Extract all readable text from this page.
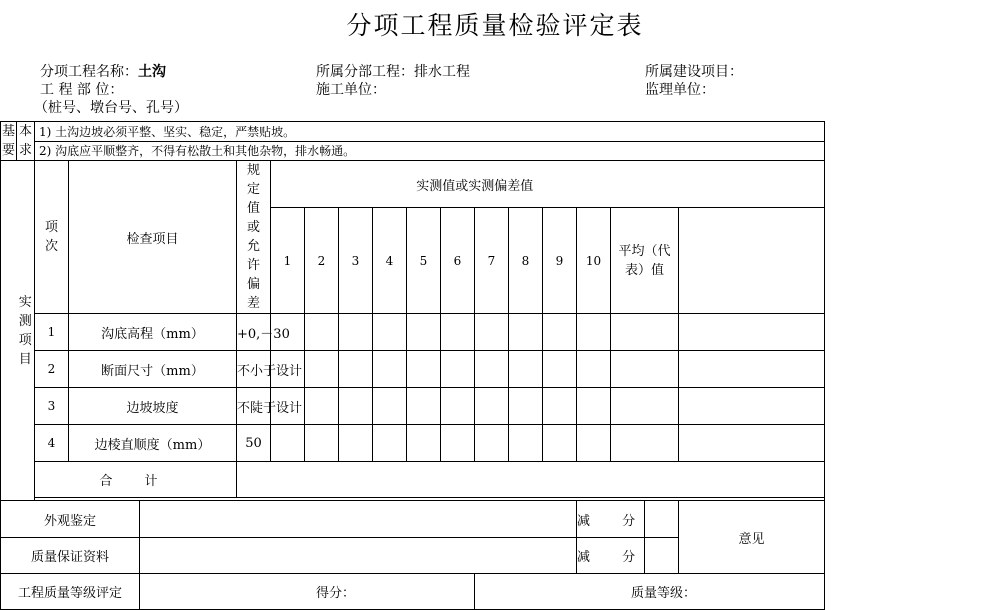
分项工程质量检验评定表
分项工程名称：土沟
工 程 部 位：
（桩号、墩台号、孔号）
所属分部工程：排水工程
施工单位：
所属建设项目：
监理单位：
基要	本求	1) 土沟边坡必须平整、坚实、稳定，严禁贴坡。																
		2) 沟底应平顺整齐，不得有松散土和其他杂物，排水畅通。																
	实测项目	项次	检查项目		规定值或允许偏差	实测值或实测偏差值												
						1	2	3	4	5	6	7	8	9	10	平均（代表）值		
		1	沟底高程（mm）		+0,－30													
		2	断面尺寸（mm）		不小于设计													
		3	边坡坡度		不陡于设计													
		4	边棱直顺度（mm）		50													
		合 计																

外观鉴定															减 分			意见
质量保证资料															减 分			
工程质量等级评定				得分：								质量等级：						
